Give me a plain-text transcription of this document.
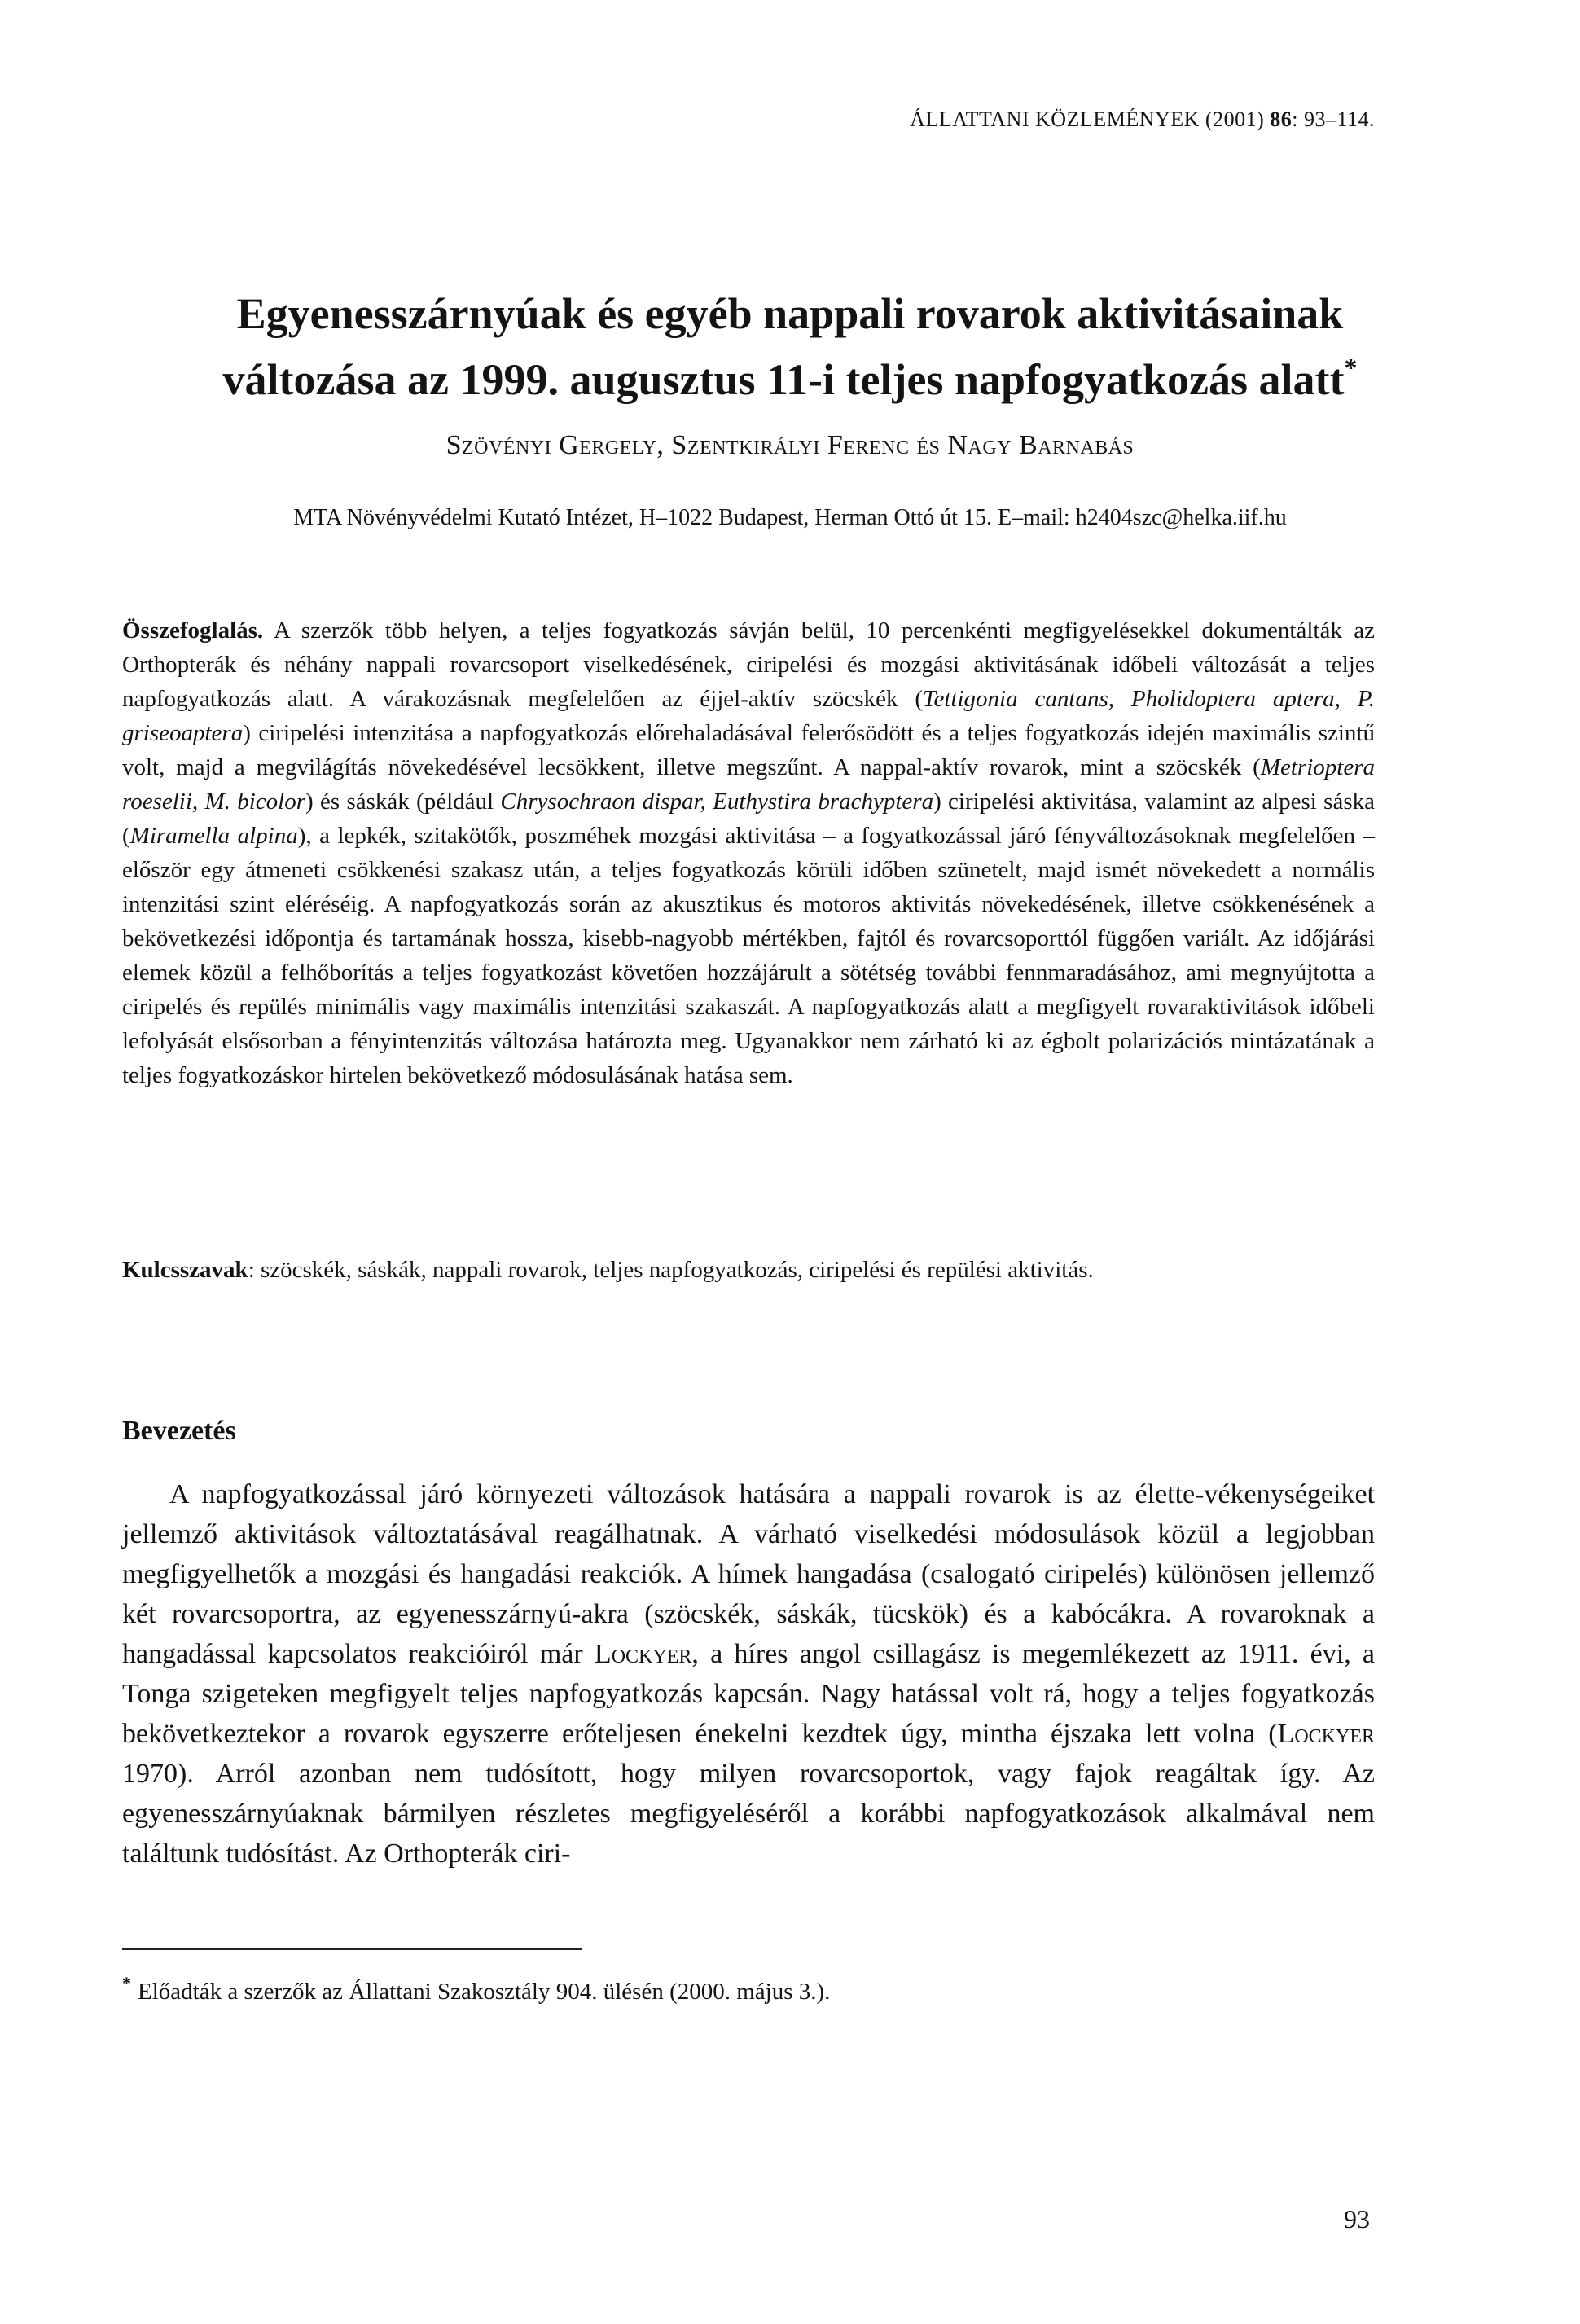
ÁLLATTANI KÖZLEMÉNYEK (2001) 86: 93–114.
Egyenesszárnyúak és egyéb nappali rovarok aktivitásainak
változása az 1999. augusztus 11-i teljes napfogyatkozás alatt*
Szövényi Gergely, Szentkirályi Ferenc és Nagy Barnabás
MTA Növényvédelmi Kutató Intézet, H–1022 Budapest, Herman Ottó út 15. E–mail: h2404szc@helka.iif.hu
Összefoglalás. A szerzők több helyen, a teljes fogyatkozás sávján belül, 10 percenkénti megfigyelésekkel dokumentálták az Orthopterák és néhány nappali rovarcsoport viselkedésének, ciripelési és mozgási aktivitásának időbeli változását a teljes napfogyatkozás alatt. A várakozásnak megfelelően az éjjel-aktív szöcskék (Tettigonia cantans, Pholidoptera aptera, P. griseoaptera) ciripelési intenzitása a napfogyatkozás előrehaladásával felerősödött és a teljes fogyatkozás idején maximális szintű volt, majd a megvilágítás növekedésével lecsökkent, illetve megszűnt. A nappal-aktív rovarok, mint a szöcskék (Metrioptera roeselii, M. bicolor) és sáskák (például Chrysochraon dispar, Euthystira brachyptera) ciripelési aktivitása, valamint az alpesi sáska (Miramella alpina), a lepkék, szitakötők, poszméhek mozgási aktivitása – a fogyatkozással járó fényváltozásoknak megfelelően – először egy átmeneti csökkenési szakasz után, a teljes fogyatkozás körüli időben szünetelt, majd ismét növekedett a normális intenzitási szint eléréséig. A napfogyatkozás során az akusztikus és motoros aktivitás növekedésének, illetve csökkenésének a bekövetkezési időpontja és tartamának hossza, kisebb-nagyobb mértékben, fajtól és rovarcsoporttól függően variált. Az időjárási elemek közül a felhőborítás a teljes fogyatkozást követően hozzájárult a sötétség további fennmaradásához, ami megnyújtotta a ciripelés és repülés minimális vagy maximális intenzitási szakaszát. A napfogyatkozás alatt a megfigyelt rovaraktivitások időbeli lefolyását elsősorban a fényintenzitás változása határozta meg. Ugyanakkor nem zárható ki az égbolt polarizációs mintázatának a teljes fogyatkozáskor hirtelen bekövetkező módosulásának hatása sem.
Kulcsszavak: szöcskék, sáskák, nappali rovarok, teljes napfogyatkozás, ciripelési és repülési aktivitás.
Bevezetés
A napfogyatkozással járó környezeti változások hatására a nappali rovarok is az élette-vékenységeiket jellemző aktivitások változtatásával reagálhatnak. A várható viselkedési módosulások közül a legjobban megfigyelhetők a mozgási és hangadási reakciók. A hímek hangadása (csalogató ciripelés) különösen jellemző két rovarcsoportra, az egyenesszárnyú-akra (szöcskék, sáskák, tücskök) és a kabócákra. A rovaroknak a hangadással kapcsolatos reakcióiról már Lockyer, a híres angol csillagász is megemlékezett az 1911. évi, a Tonga szigeteken megfigyelt teljes napfogyatkozás kapcsán. Nagy hatással volt rá, hogy a teljes fogyatkozás bekövetkeztekor a rovarok egyszerre erőteljesen énekelni kezdtek úgy, mintha éjszaka lett volna (Lockyer 1970). Arról azonban nem tudósított, hogy milyen rovarcsoportok, vagy fajok reagáltak így. Az egyenesszárnyúaknak bármilyen részletes megfigyeléséről a korábbi napfogyatkozások alkalmával nem találtunk tudósítást. Az Orthopterák ciri-
* Előadták a szerzők az Állattani Szakosztály 904. ülésén (2000. május 3.).
93
